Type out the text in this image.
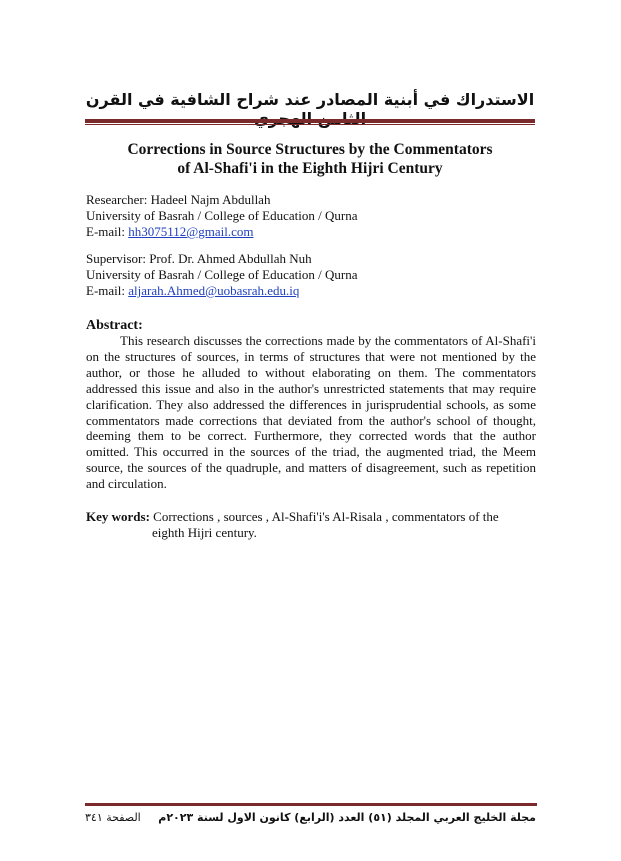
الاستدراك في أبنية المصادر عند شراح الشافية في القرن
Corrections in Source Structures by the Commentators
of Al-Shafi'i in the Eighth Hijri Century
Researcher: Hadeel Najm Abdullah
University of Basrah / College of Education / Qurna
E-mail: hh3075112@gmail.com
Supervisor: Prof. Dr. Ahmed Abdullah Nuh
University of Basrah / College of Education / Qurna
E-mail: aljarah.Ahmed@uobasrah.edu.iq
Abstract:
This research discusses the corrections made by the commentators of Al-Shafi'i on the structures of sources, in terms of structures that were not mentioned by the author, or those he alluded to without elaborating on them. The commentators addressed this issue and also in the author's unrestricted statements that may require clarification. They also addressed the differences in jurisprudential schools, as some commentators made corrections that deviated from the author's school of thought, deeming them to be correct. Furthermore, they corrected words that the author omitted. This occurred in the sources of the triad, the augmented triad, the Meem source, the sources of the quadruple, and matters of disagreement, such as repetition and circulation.
Key words: Corrections , sources , Al-Shafi'i's Al-Risala , commentators of the
eighth Hijri century.
مجلة الخليج العربي المجلد (٥١) العدد (الرابع) كانون الاول لسنة ٢٠٢٣م
الصفحة ٣٤١
